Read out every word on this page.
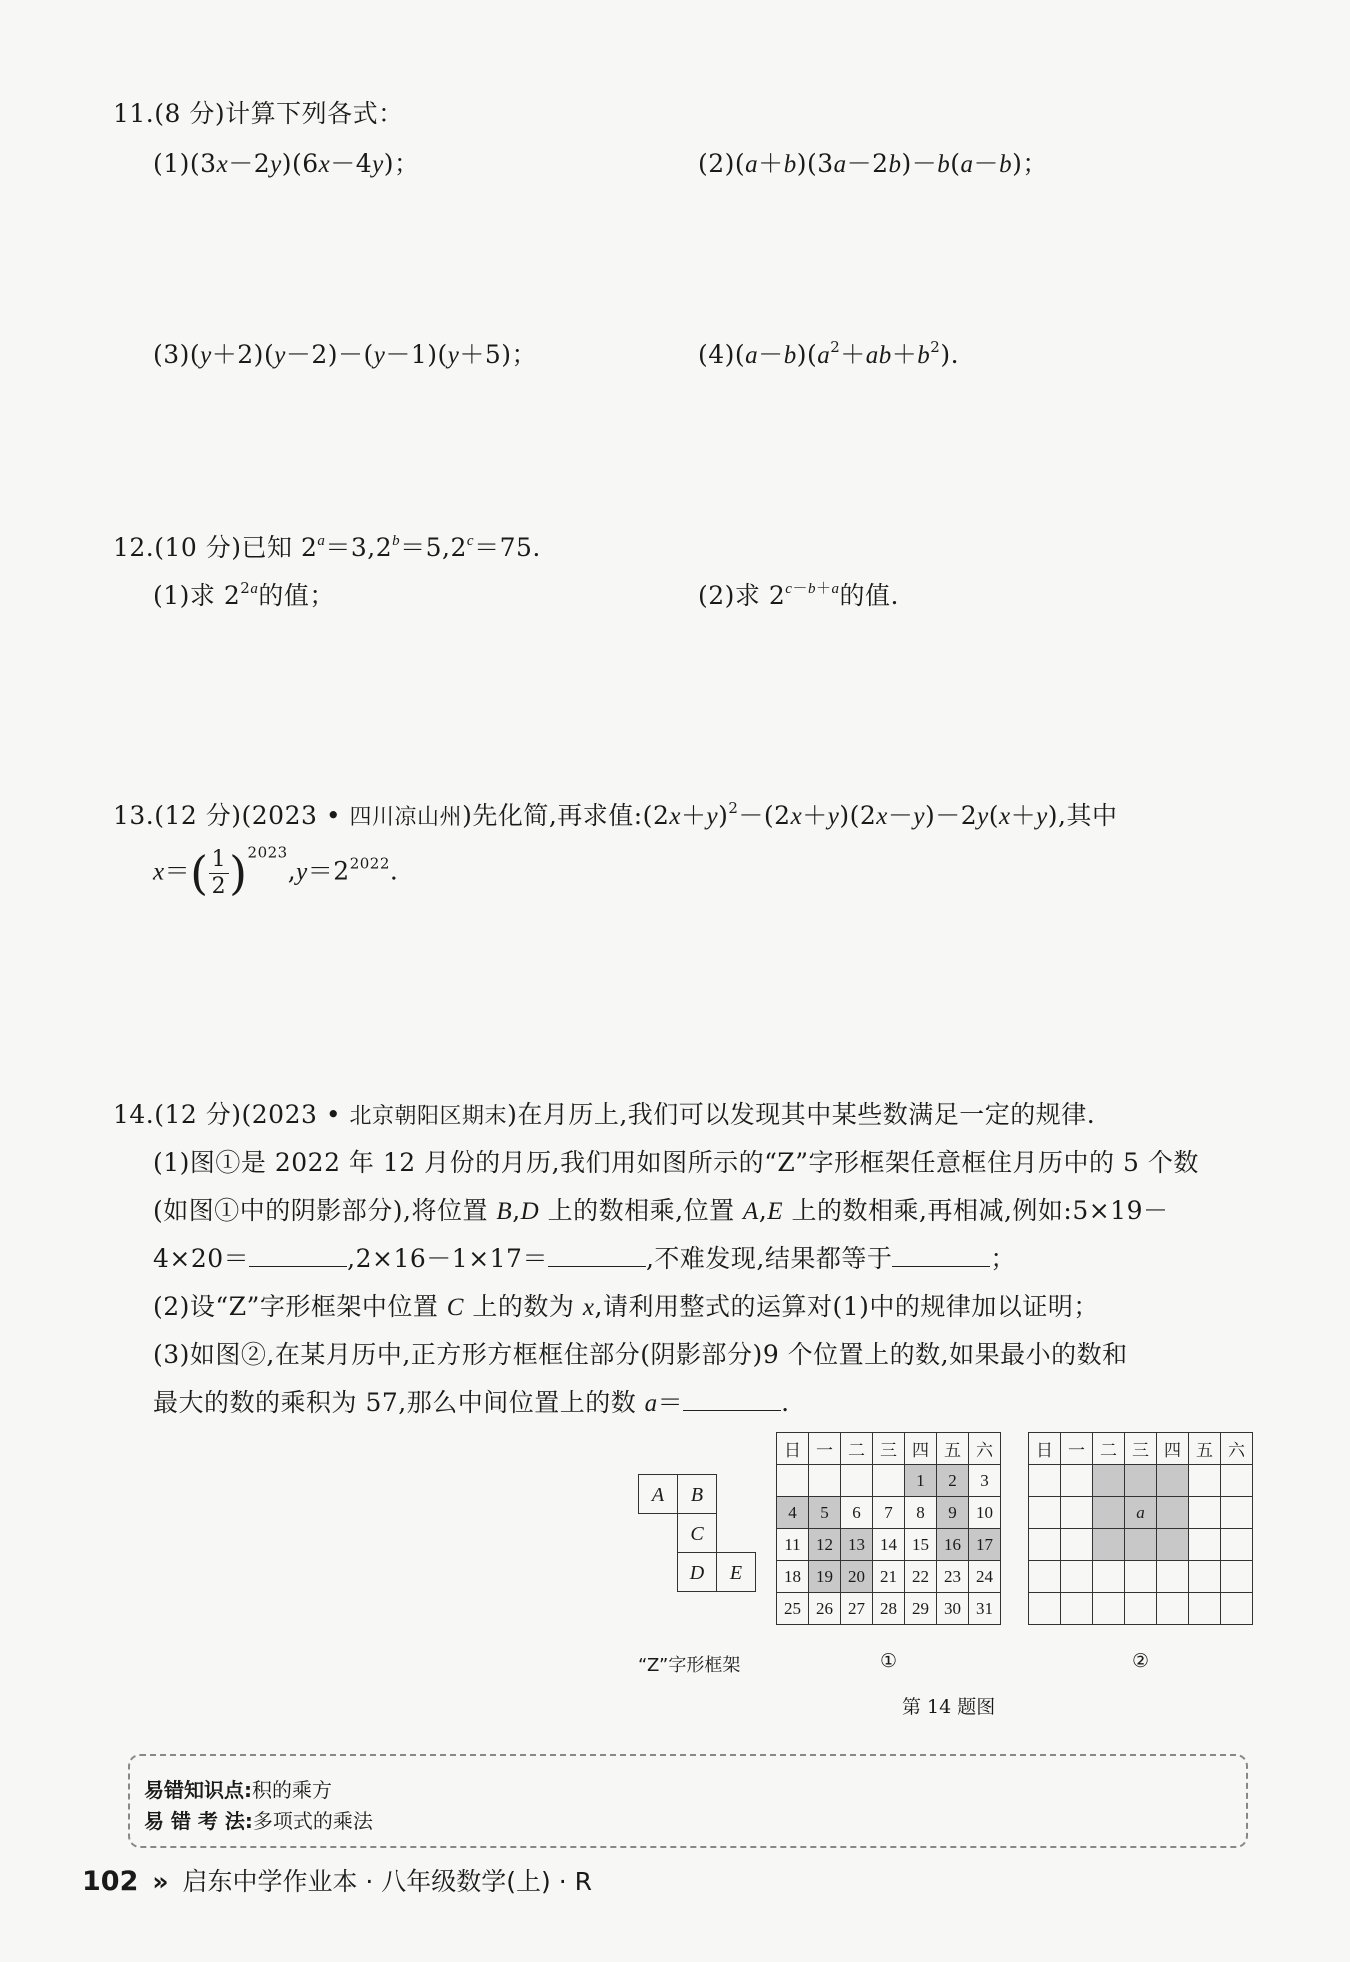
11.(8 分)计算下列各式：
(1)(3x－2y)(6x－4y)；	(2)(a＋b)(3a－2b)－b(a－b)；
(3)(y＋2)(y－2)－(y－1)(y＋5)；	$(4)(a-b)(a^2+ab+b^2)$.
12.(10 分)已知 $2^a=3,2^b=5,2^c=75$.
(1)求 $2^{2a}$的值；	(2)求 $2^{c-b+a}$的值.
13.(12 分)(2023 • 四川凉山州)先化简,再求值$:(2x+y)^2-(2x+y)(2x-y)-2y(x+y)$,其中
$x=( \frac{1}{2} )^{2023},y=2^{2022}$.
14.(12 分)(2023 • 北京朝阳区期末)在月历上,我们可以发现其中某些数满足一定的规律.
(1)图①是 2022 年 12 月份的月历,我们用如图所示的“Z”字形框架任意框住月历中的 5 个数
(如图①中的阴影部分),将位置 B,D 上的数相乘,位置 A,E 上的数相乘,再相减,例如:5×19－
4×20＝	,2×16－1×17＝	,不难发现,结果都等于	；
(2)设“Z”字形框架中位置 C 上的数为 x,请利用整式的运算对(1)中的规律加以证明；
(3)如图②,在某月历中,正方形方框框住部分(阴影部分)9 个位置上的数,如果最小的数和
最大的数的乘积为 57,那么中间位置上的数 a＝	.
A	B	
	C	
	D	E
“Z”字形框架
日	一	二	三	四	五	六
				1	2	3
4	5	6	7	8	9	10
11	12	13	14	15	16	17
18	19	20	21	22	23	24
25	26	27	28	29	30	31
①
日	一	二	三	四	五	六

			a			

②
第 14 题图
易错知识点:积的乘方
易 错 考 法:多项式的乘法
102 » 启东中学作业本 · 八年级数学(上) · R
